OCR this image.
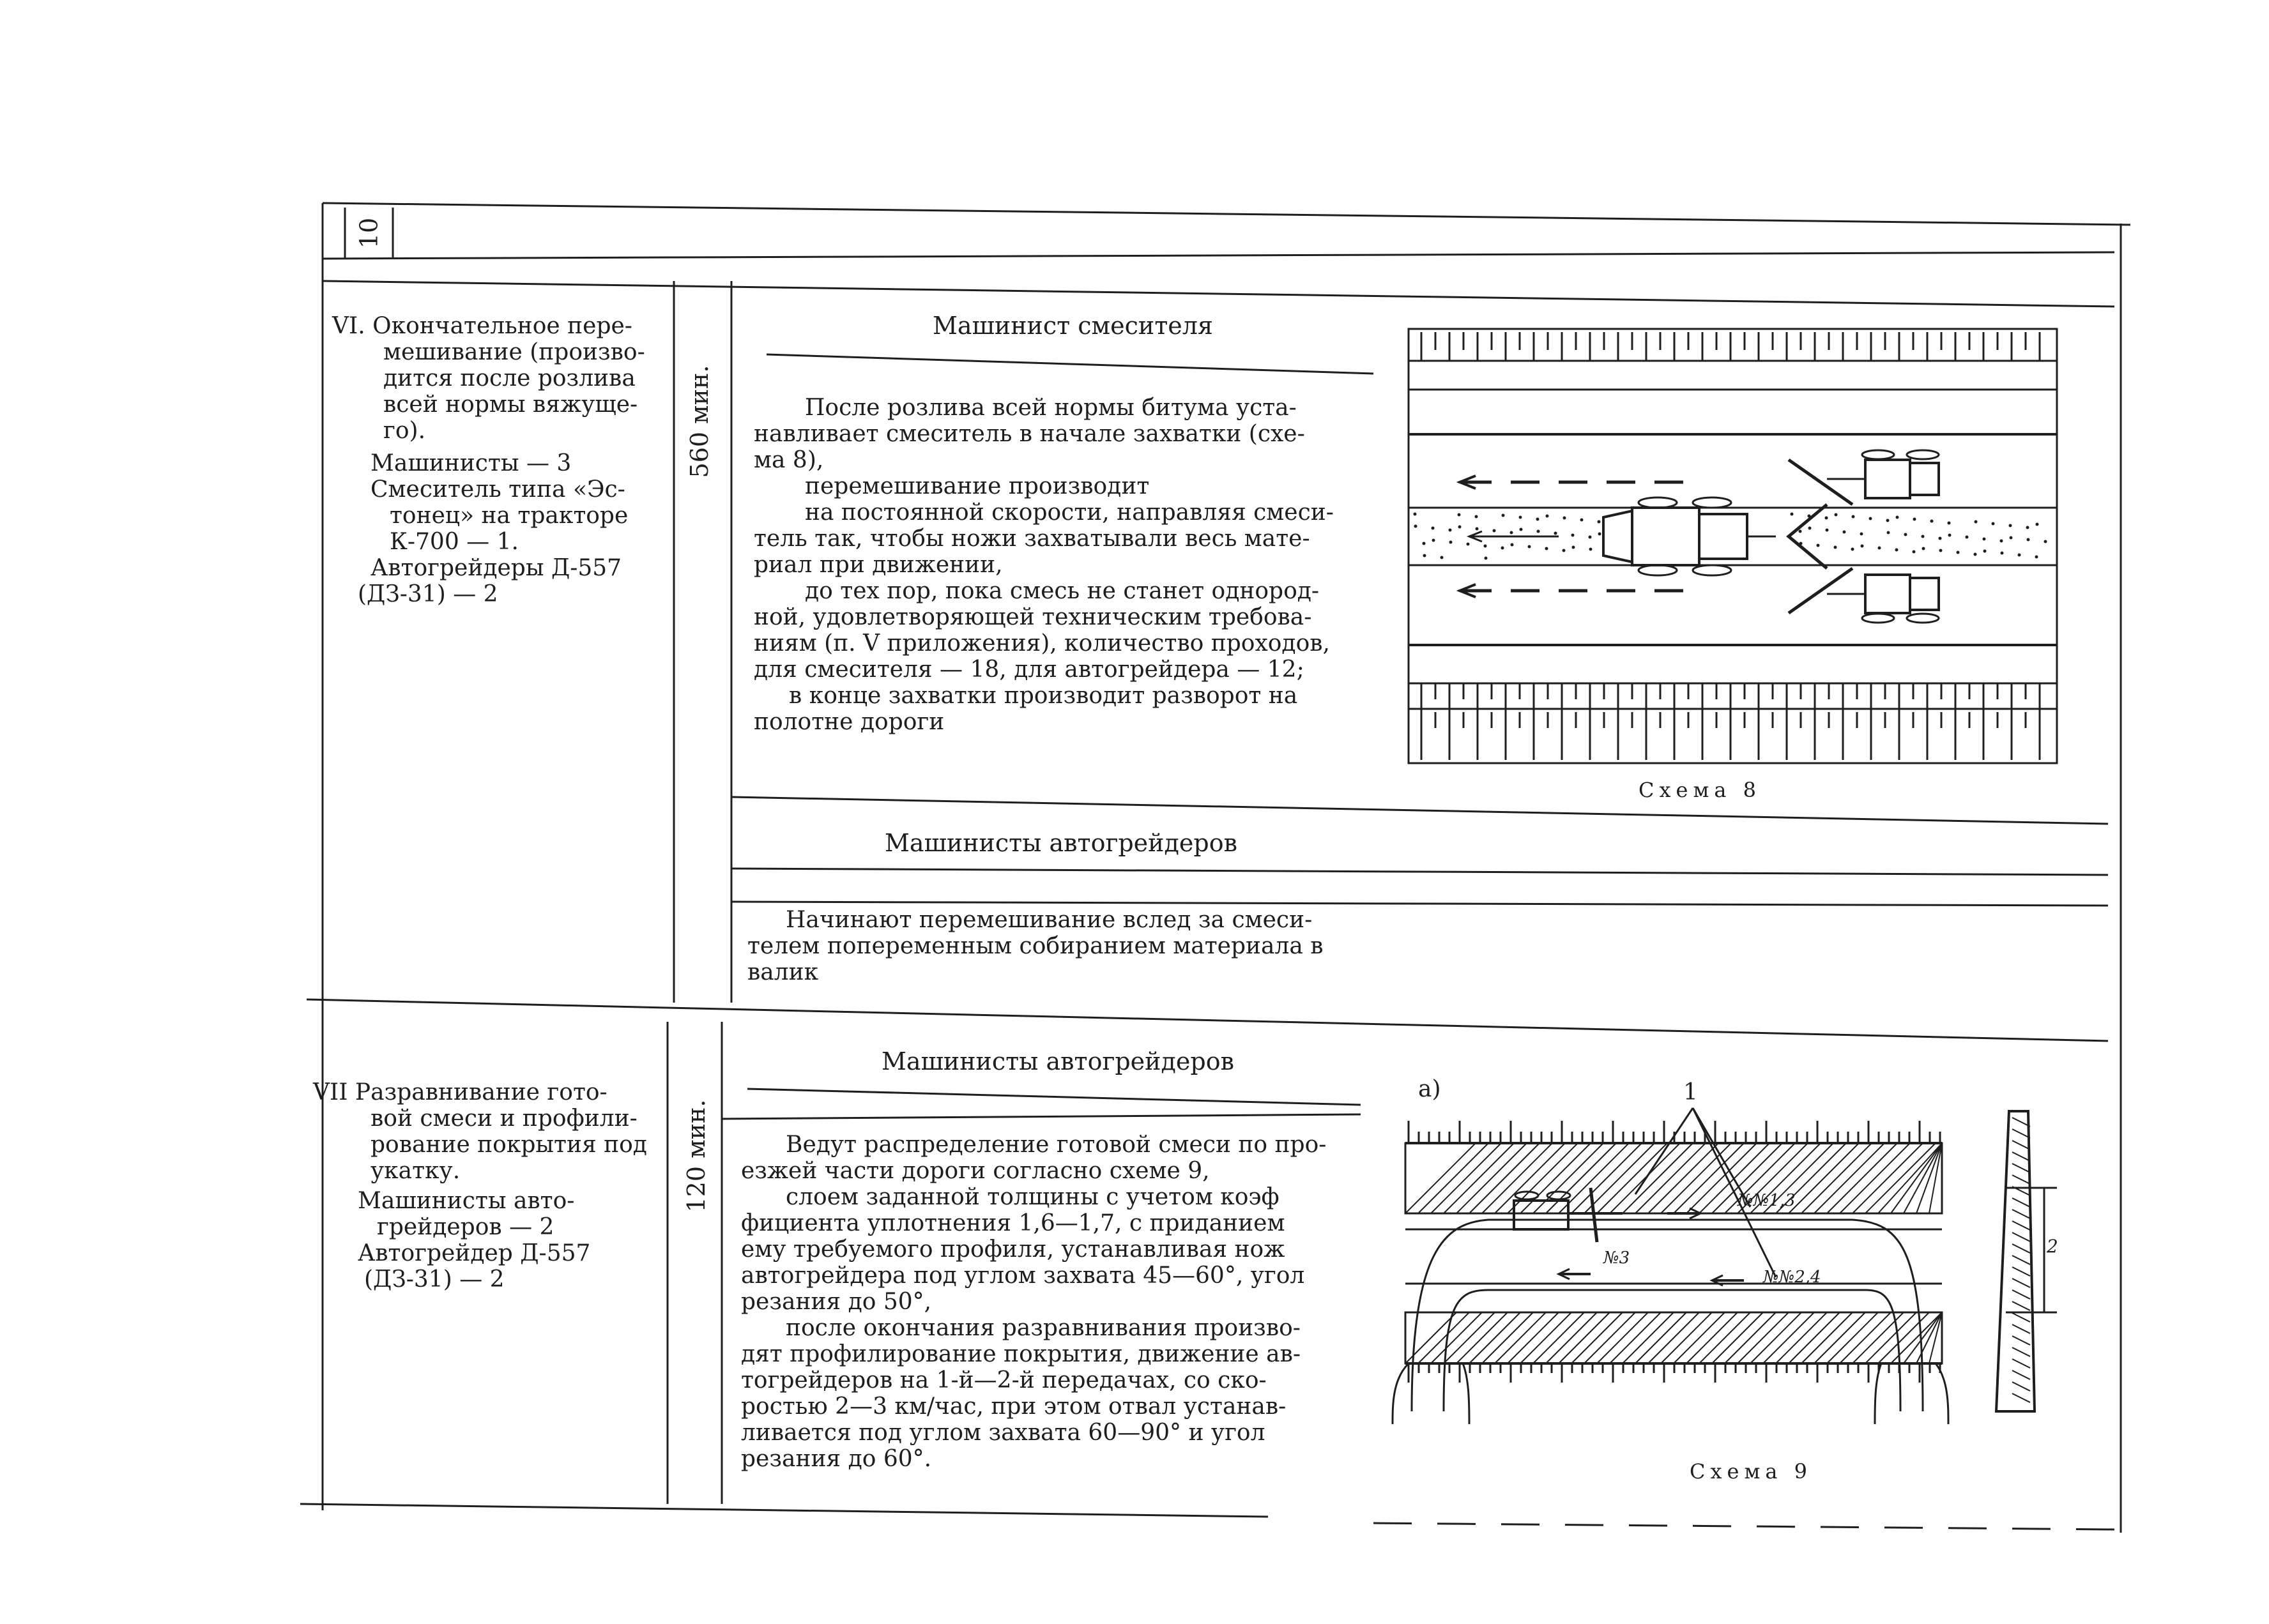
10
VI. Окончательное пере-
мешивание (произво-
дится после розлива
всей нормы вяжуще-
го).
Машинисты — 3
Смеситель типа «Эс-
тонец» на тракторе
К-700 — 1.
Автогрейдеры Д-557
(ДЗ-31) — 2
560 мин.
Машинист смесителя
После розлива всей нормы битума уста-
навливает смеситель в начале захватки (схе-
ма 8),
перемешивание производит
на постоянной скорости, направляя смеси-
тель так, чтобы ножи захватывали весь мате-
риал при движении,
до тех пор, пока смесь не станет однород-
ной, удовлетворяющей техническим требова-
ниям (п. V приложения), количество проходов,
для смесителя — 18, для автогрейдера — 12;
в конце захватки производит разворот на
полотне дороги
Схема 8
Машинисты автогрейдеров
Начинают перемешивание вслед за смеси-
телем попеременным собиранием материала в
валик
VII Разравнивание гото-
вой смеси и профили-
рование покрытия под
укатку.
Машинисты авто-
грейдеров — 2
Автогрейдер Д-557
(ДЗ-31) — 2
120 мин.
Машинисты автогрейдеров
Ведут распределение готовой смеси по про-
езжей части дороги согласно схеме 9,
слоем заданной толщины с учетом коэф
фициента уплотнения 1,6—1,7, с приданием
ему требуемого профиля, устанавливая нож
автогрейдера под углом захвата 45—60°, угол
резания до 50°,
после окончания разравнивания произво-
дят профилирование покрытия, движение ав-
тогрейдеров на 1-й—2-й передачах, со ско-
ростью 2—3 км/час, при этом отвал устанав-
ливается под углом захвата 60—90° и угол
резания до 60°.
а)	1
№№1,3
№3
№№2,4
2
Схема 9
